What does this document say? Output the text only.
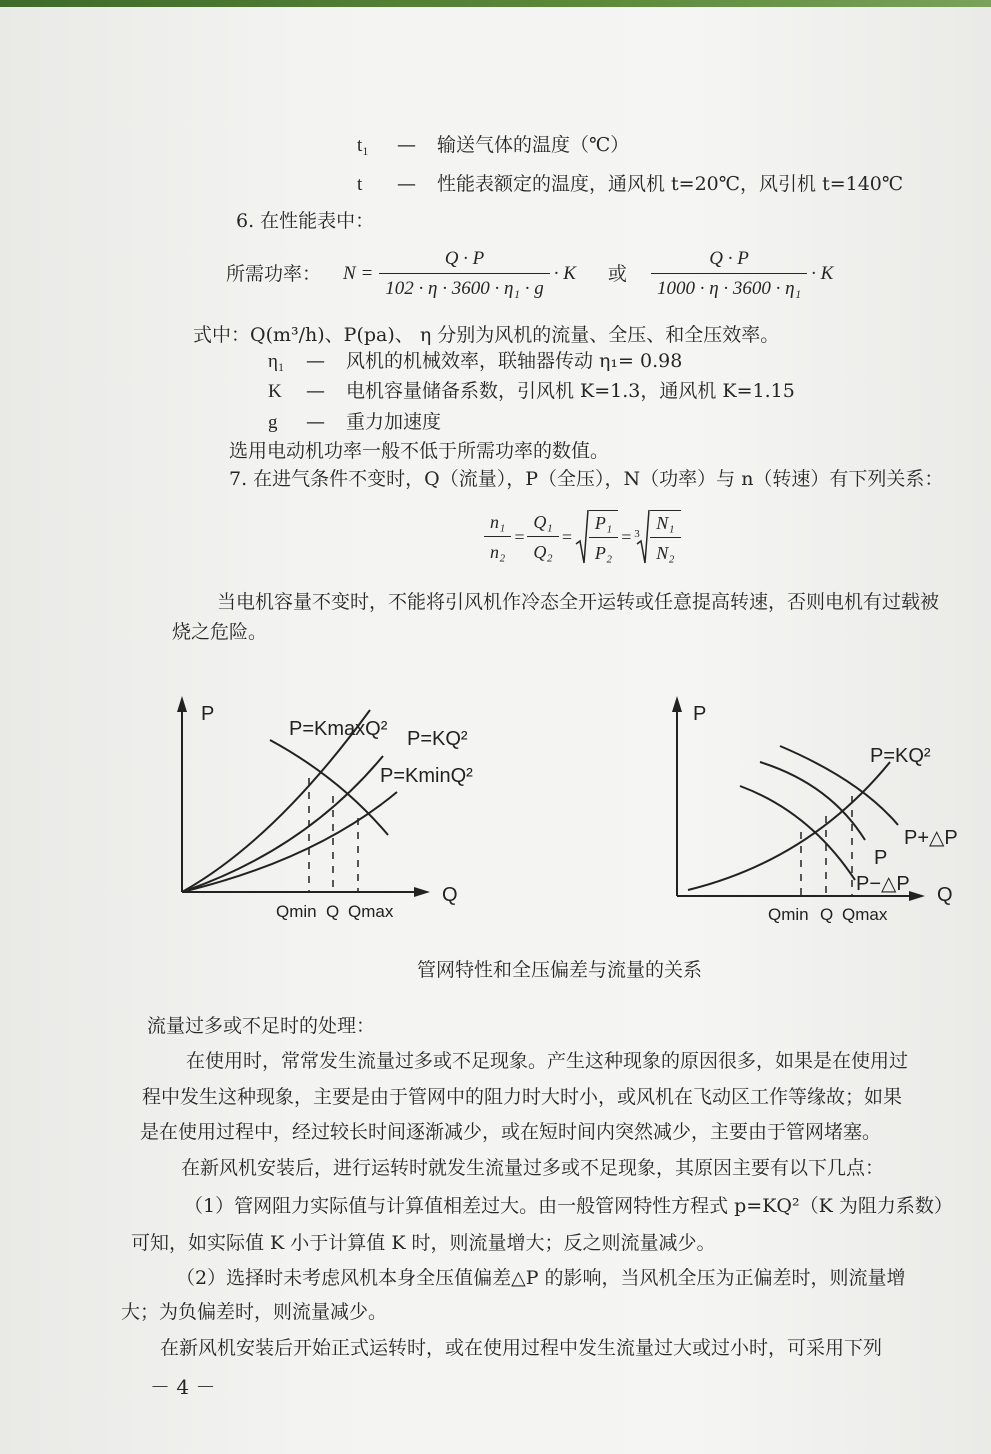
t₁ — 输送气体的温度（℃）
t — 性能表额定的温度，通风机 t=20℃，风引机 t=140℃
6. 在性能表中：
所需功率： $N = \frac{Q \cdot P}{\text{102 · η · 3600 · η₁ · g}} \cdot K$ 或 $\frac{Q \cdot P}{\text{1000 · η · 3600 · η₁}} \cdot K$
式中：Q(m³/h)、P(pa)、 η 分别为风机的流量、全压、和全压效率。
η₁ — 风机的机械效率，联轴器传动 η₁= 0.98
K — 电机容量储备系数，引风机 K=1.3，通风机 K=1.15
g — 重力加速度
选用电动机功率一般不低于所需功率的数值。
7. 在进气条件不变时，Q（流量），P（全压），N（功率）与 n（转速）有下列关系：
$\frac{\text{n₁}}{\text{n₂}} = \frac{\text{Q₁}}{\text{Q₂}} = \frac{\text{P₁}}{\text{P₂}} = 3 \frac{\text{N₁}}{\text{N₂}}$
当电机容量不变时，不能将引风机作冷态全开运转或任意提高转速，否则电机有过载被
烧之危险。
P
Q
P=KmaxQ² P=KQ²
P=KminQ²
Qmin Q Qmax
P
Q
P=KQ²
P+△P
P
P−△P
Qmin Q Qmax
管网特性和全压偏差与流量的关系
流量过多或不足时的处理：
在使用时，常常发生流量过多或不足现象。产生这种现象的原因很多，如果是在使用过
程中发生这种现象，主要是由于管网中的阻力时大时小，或风机在飞动区工作等缘故；如果
是在使用过程中，经过较长时间逐渐减少，或在短时间内突然减少，主要由于管网堵塞。
在新风机安装后，进行运转时就发生流量过多或不足现象，其原因主要有以下几点：
（1）管网阻力实际值与计算值相差过大。由一般管网特性方程式 p=KQ²（K 为阻力系数）
可知，如实际值 K 小于计算值 K 时，则流量增大；反之则流量减少。
（2）选择时未考虑风机本身全压值偏差△P 的影响，当风机全压为正偏差时，则流量增
大；为负偏差时，则流量减少。
在新风机安装后开始正式运转时，或在使用过程中发生流量过大或过小时，可采用下列
－ 4 －
